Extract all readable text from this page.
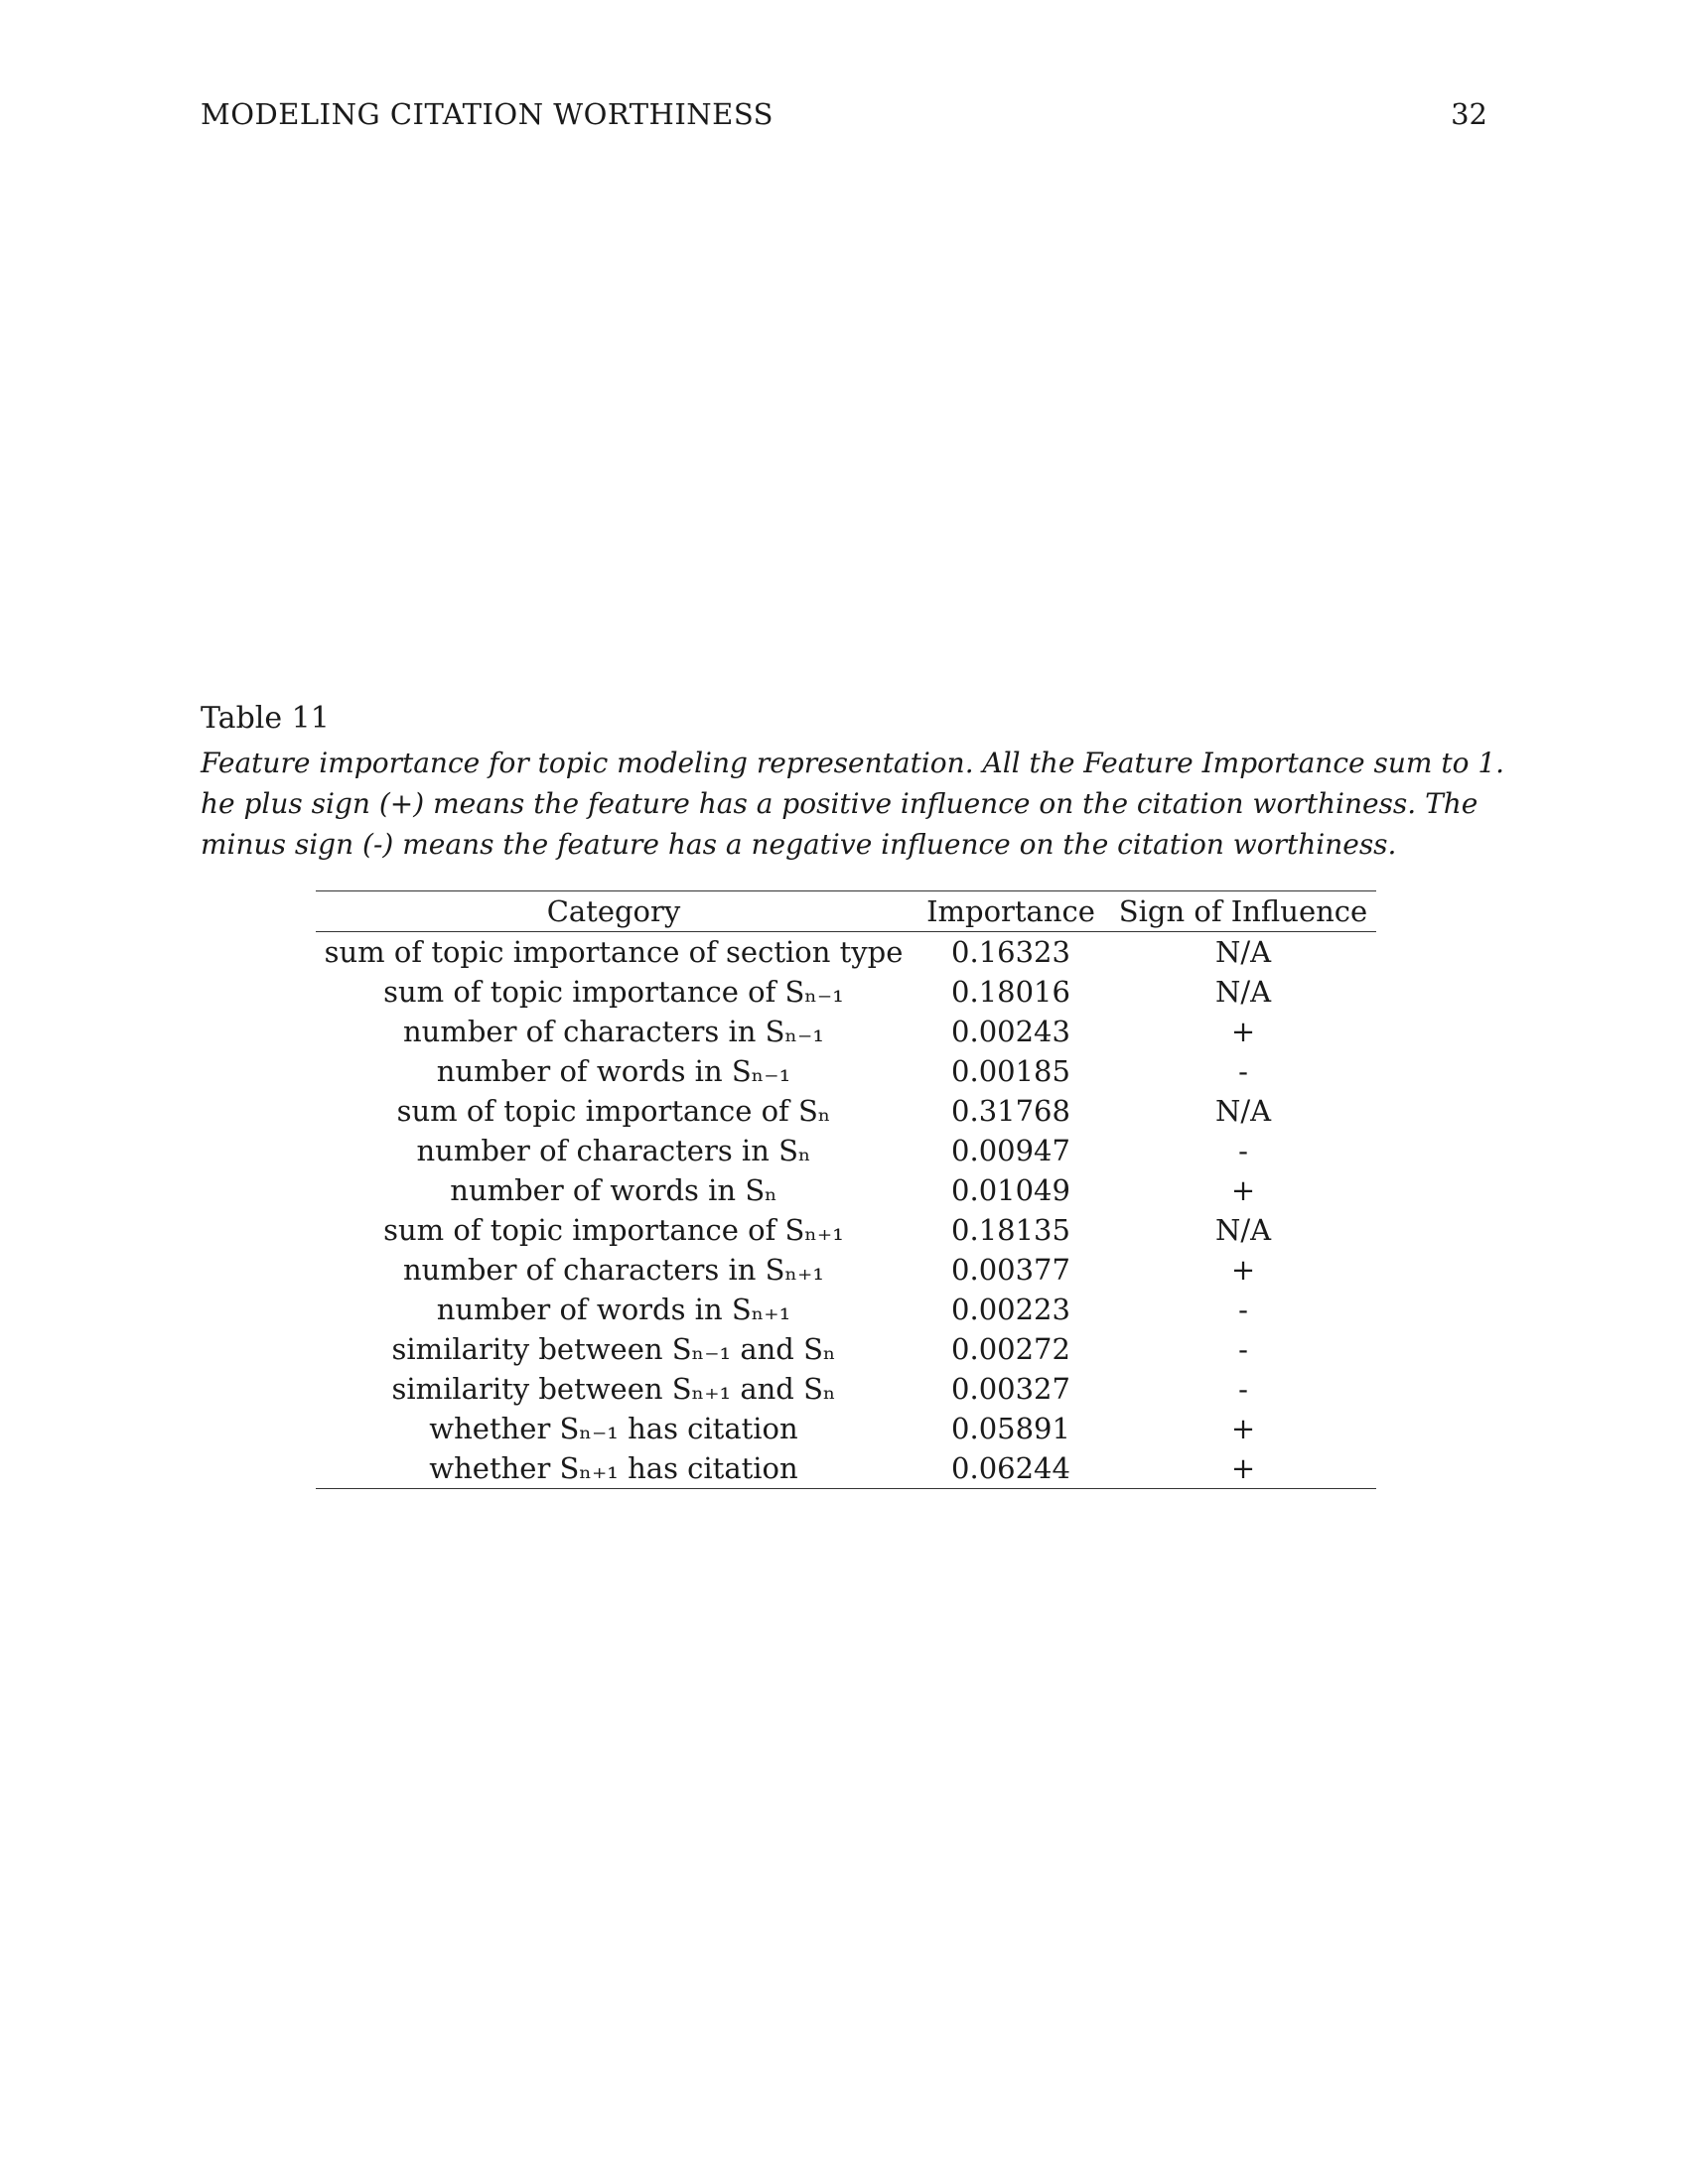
MODELING CITATION WORTHINESS	32
Table 11
Feature importance for topic modeling representation. All the Feature Importance sum to 1.
he plus sign (+) means the feature has a positive influence on the citation worthiness. The
minus sign (-) means the feature has a negative influence on the citation worthiness.
Category	Importance	Sign of Influence
sum of topic importance of section type	0.16323	N/A
sum of topic importance of Sₙ₋₁	0.18016	N/A
number of characters in Sₙ₋₁	0.00243	+
number of words in Sₙ₋₁	0.00185	-
sum of topic importance of Sₙ	0.31768	N/A
number of characters in Sₙ	0.00947	-
number of words in Sₙ	0.01049	+
sum of topic importance of Sₙ₊₁	0.18135	N/A
number of characters in Sₙ₊₁	0.00377	+
number of words in Sₙ₊₁	0.00223	-
similarity between Sₙ₋₁ and Sₙ	0.00272	-
similarity between Sₙ₊₁ and Sₙ	0.00327	-
whether Sₙ₋₁ has citation	0.05891	+
whether Sₙ₊₁ has citation	0.06244	+
